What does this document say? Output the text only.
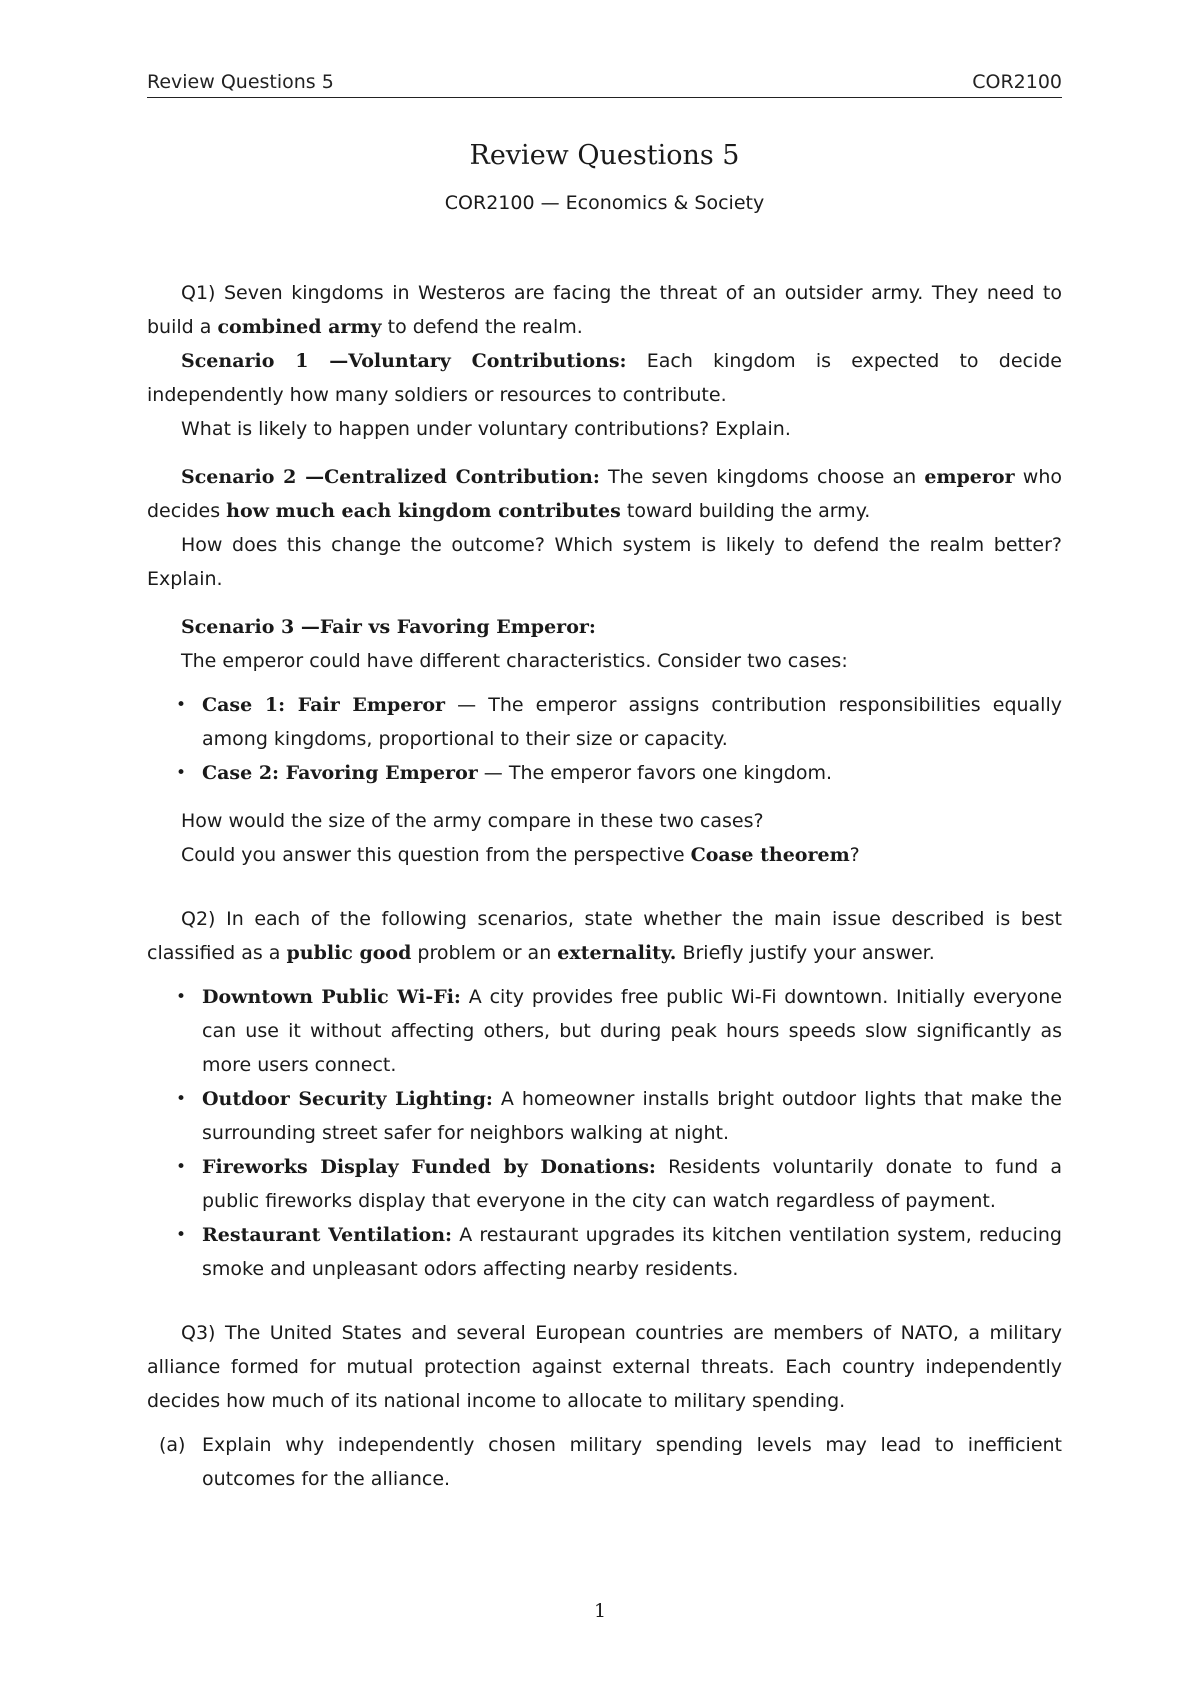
Review Questions 5	COR2100
Review Questions 5
COR2100 — Economics & Society

Q1) Seven kingdoms in Westeros are facing the threat of an outsider army. They need to build a combined army to defend the realm.

Scenario 1 —Voluntary Contributions: Each kingdom is expected to decide independently how many soldiers or resources to contribute.

What is likely to happen under voluntary contributions? Explain.

Scenario 2 —Centralized Contribution: The seven kingdoms choose an emperor who decides how much each kingdom contributes toward building the army.

How does this change the outcome? Which system is likely to defend the realm better? Explain.

Scenario 3 —Fair vs Favoring Emperor:

The emperor could have different characteristics. Consider two cases:

• Case 1: Fair Emperor — The emperor assigns contribution responsibilities equally among kingdoms, proportional to their size or capacity.
• Case 2: Favoring Emperor — The emperor favors one kingdom.

How would the size of the army compare in these two cases?

Could you answer this question from the perspective Coase theorem?

Q2) In each of the following scenarios, state whether the main issue described is best classified as a public good problem or an externality. Briefly justify your answer.

• Downtown Public Wi-Fi: A city provides free public Wi-Fi downtown. Initially everyone can use it without affecting others, but during peak hours speeds slow significantly as more users connect.
• Outdoor Security Lighting: A homeowner installs bright outdoor lights that make the surrounding street safer for neighbors walking at night.
• Fireworks Display Funded by Donations: Residents voluntarily donate to fund a public fireworks display that everyone in the city can watch regardless of payment.
• Restaurant Ventilation: A restaurant upgrades its kitchen ventilation system, reducing smoke and unpleasant odors affecting nearby residents.

Q3) The United States and several European countries are members of NATO, a military alliance formed for mutual protection against external threats. Each country independently decides how much of its national income to allocate to military spending.

(a) Explain why independently chosen military spending levels may lead to inefficient outcomes for the alliance.
1
